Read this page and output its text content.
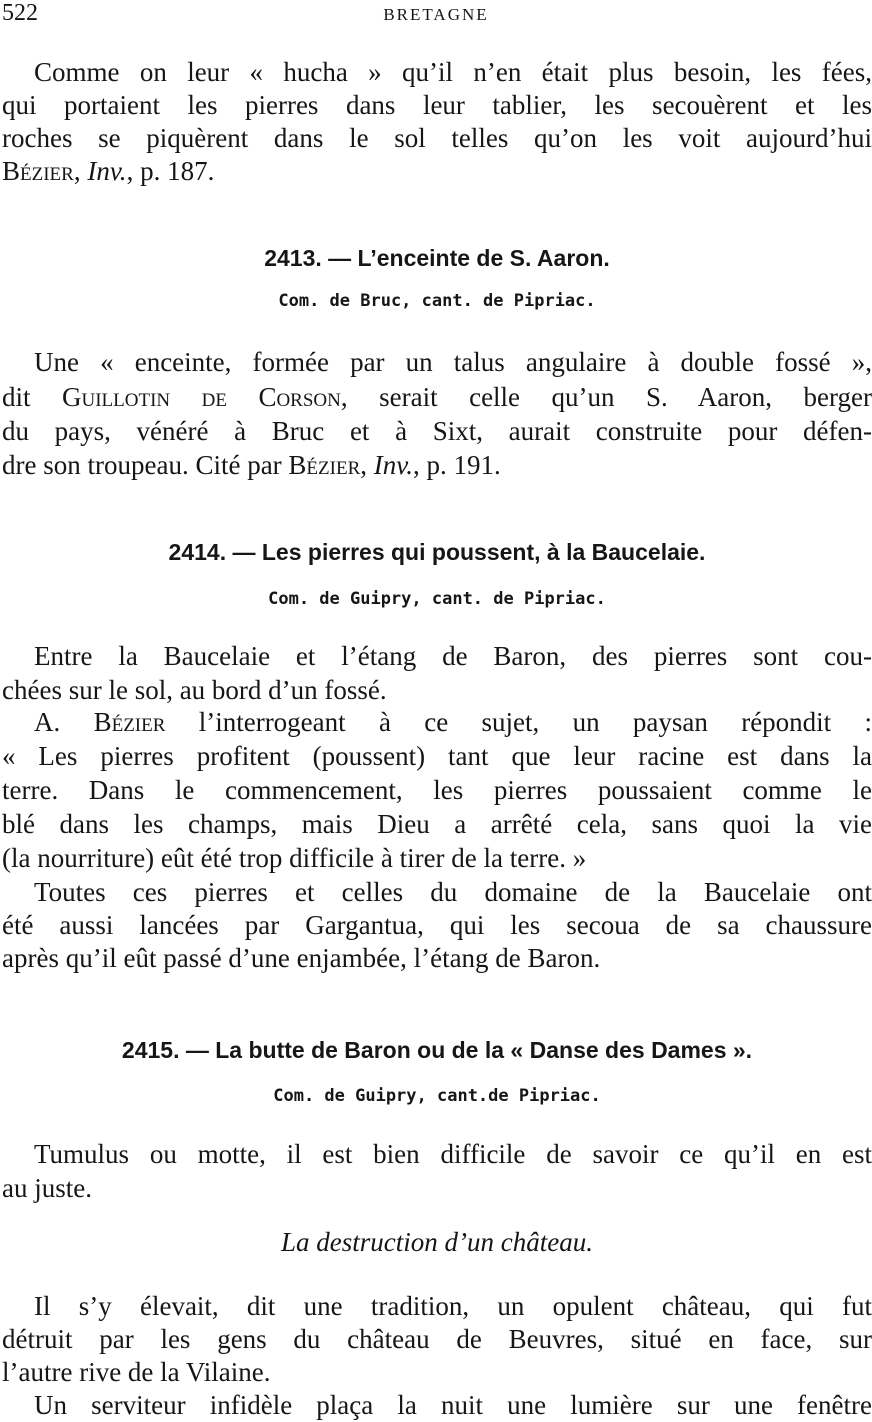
522	BRETAGNE
Comme on leur « hucha » qu’il n’en était plus besoin, les fées,
qui portaient les pierres dans leur tablier, les secouèrent et les
roches se piquèrent dans le sol telles qu’on les voit aujourd’hui
Bézier, Inv., p. 187.
2413. — L’enceinte de S. Aaron.
Com. de Bruc, cant. de Pipriac.
Une « enceinte, formée par un talus angulaire à double fossé »,
dit Guillotin de Corson, serait celle qu’un S. Aaron, berger
du pays, vénéré à Bruc et à Sixt, aurait construite pour défen-
dre son troupeau. Cité par Bézier, Inv., p. 191.
2414. — Les pierres qui poussent, à la Baucelaie.
Com. de Guipry, cant. de Pipriac.
Entre la Baucelaie et l’étang de Baron, des pierres sont cou-
chées sur le sol, au bord d’un fossé.
A. Bézier l’interrogeant à ce sujet, un paysan répondit :
« Les pierres profitent (poussent) tant que leur racine est dans la
terre. Dans le commencement, les pierres poussaient comme le
blé dans les champs, mais Dieu a arrêté cela, sans quoi la vie
(la nourriture) eût été trop difficile à tirer de la terre. »
Toutes ces pierres et celles du domaine de la Baucelaie ont
été aussi lancées par Gargantua, qui les secoua de sa chaussure
après qu’il eût passé d’une enjambée, l’étang de Baron.
2415. — La butte de Baron ou de la « Danse des Dames ».
Com. de Guipry, cant.de Pipriac.
Tumulus ou motte, il est bien difficile de savoir ce qu’il en est
au juste.
La destruction d’un château.
Il s’y élevait, dit une tradition, un opulent château, qui fut
détruit par les gens du château de Beuvres, situé en face, sur
l’autre rive de la Vilaine.
Un serviteur infidèle plaça la nuit une lumière sur une fenêtre
